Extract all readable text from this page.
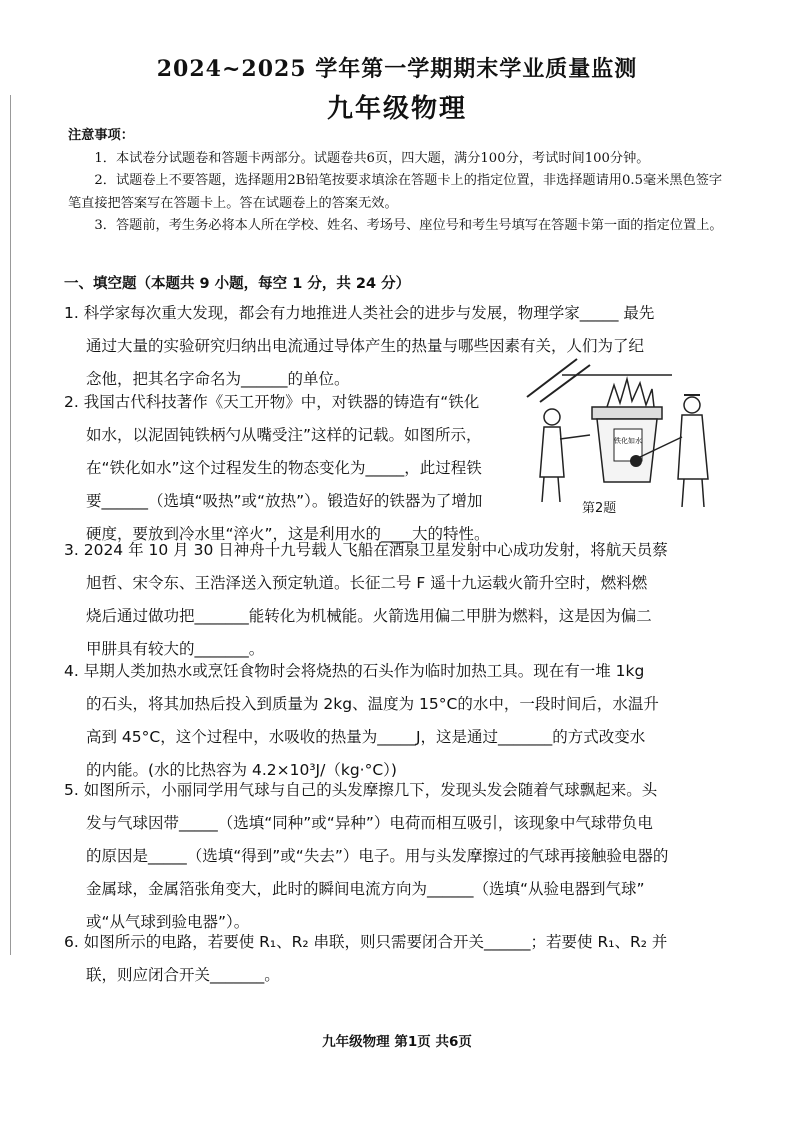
2024~2025 学年第一学期期末学业质量监测
九年级物理

注意事项：

1．本试卷分试题卷和答题卡两部分。试题卷共6页，四大题，满分100分，考试时间100分钟。

2．试题卷上不要答题，选择题用2B铅笔按要求填涂在答题卡上的指定位置，非选择题请用0.5毫米黑色签字笔直接把答案写在答题卡上。答在试题卷上的答案无效。

3．答题前，考生务必将本人所在学校、姓名、考场号、座位号和考生号填写在答题卡第一面的指定位置上。

一、填空题（本题共 9 小题，每空 1 分，共 24 分）

1. 科学家每次重大发现，都会有力地推进人类社会的进步与发展，物理学家_____ 最先

通过大量的实验研究归纳出电流通过导体产生的热量与哪些因素有关，人们为了纪

念他，把其名字命名为______的单位。

2. 我国古代科技著作《天工开物》中，对铁器的铸造有“铁化

如水，以泥固钝铁柄勺从嘴受注”这样的记载。如图所示，

在“铁化如水”这个过程发生的物态变化为_____，此过程铁

要______（选填“吸热”或“放热”）。锻造好的铁器为了增加

硬度，要放到冷水里“淬火”，这是利用水的____大的特性。

铁化如水
第2题

3. 2024 年 10 月 30 日神舟十九号载人飞船在酒泉卫星发射中心成功发射，将航天员蔡

旭哲、宋令东、王浩泽送入预定轨道。长征二号 F 遥十九运载火箭升空时，燃料燃

烧后通过做功把_______能转化为机械能。火箭选用偏二甲肼为燃料，这是因为偏二

甲肼具有较大的_______。

4. 早期人类加热水或烹饪食物时会将烧热的石头作为临时加热工具。现在有一堆 1kg

的石头，将其加热后投入到质量为 2kg、温度为 15°C的水中，一段时间后，水温升

高到 45°C，这个过程中，水吸收的热量为_____J，这是通过_______的方式改变水

的内能。(水的比热容为 4.2×10³J/（kg·°C）)

5. 如图所示，小丽同学用气球与自己的头发摩擦几下，发现头发会随着气球飘起来。头

发与气球因带_____（选填“同种”或“异种”）电荷而相互吸引，该现象中气球带负电

的原因是_____（选填“得到”或“失去”）电子。用与头发摩擦过的气球再接触验电器的

金属球，金属箔张角变大，此时的瞬间电流方向为______（选填“从验电器到气球”

或“从气球到验电器”）。

6. 如图所示的电路，若要使 R₁、R₂ 串联，则只需要闭合开关______；若要使 R₁、R₂ 并

联，则应闭合开关_______。

九年级物理 第1页 共6页
